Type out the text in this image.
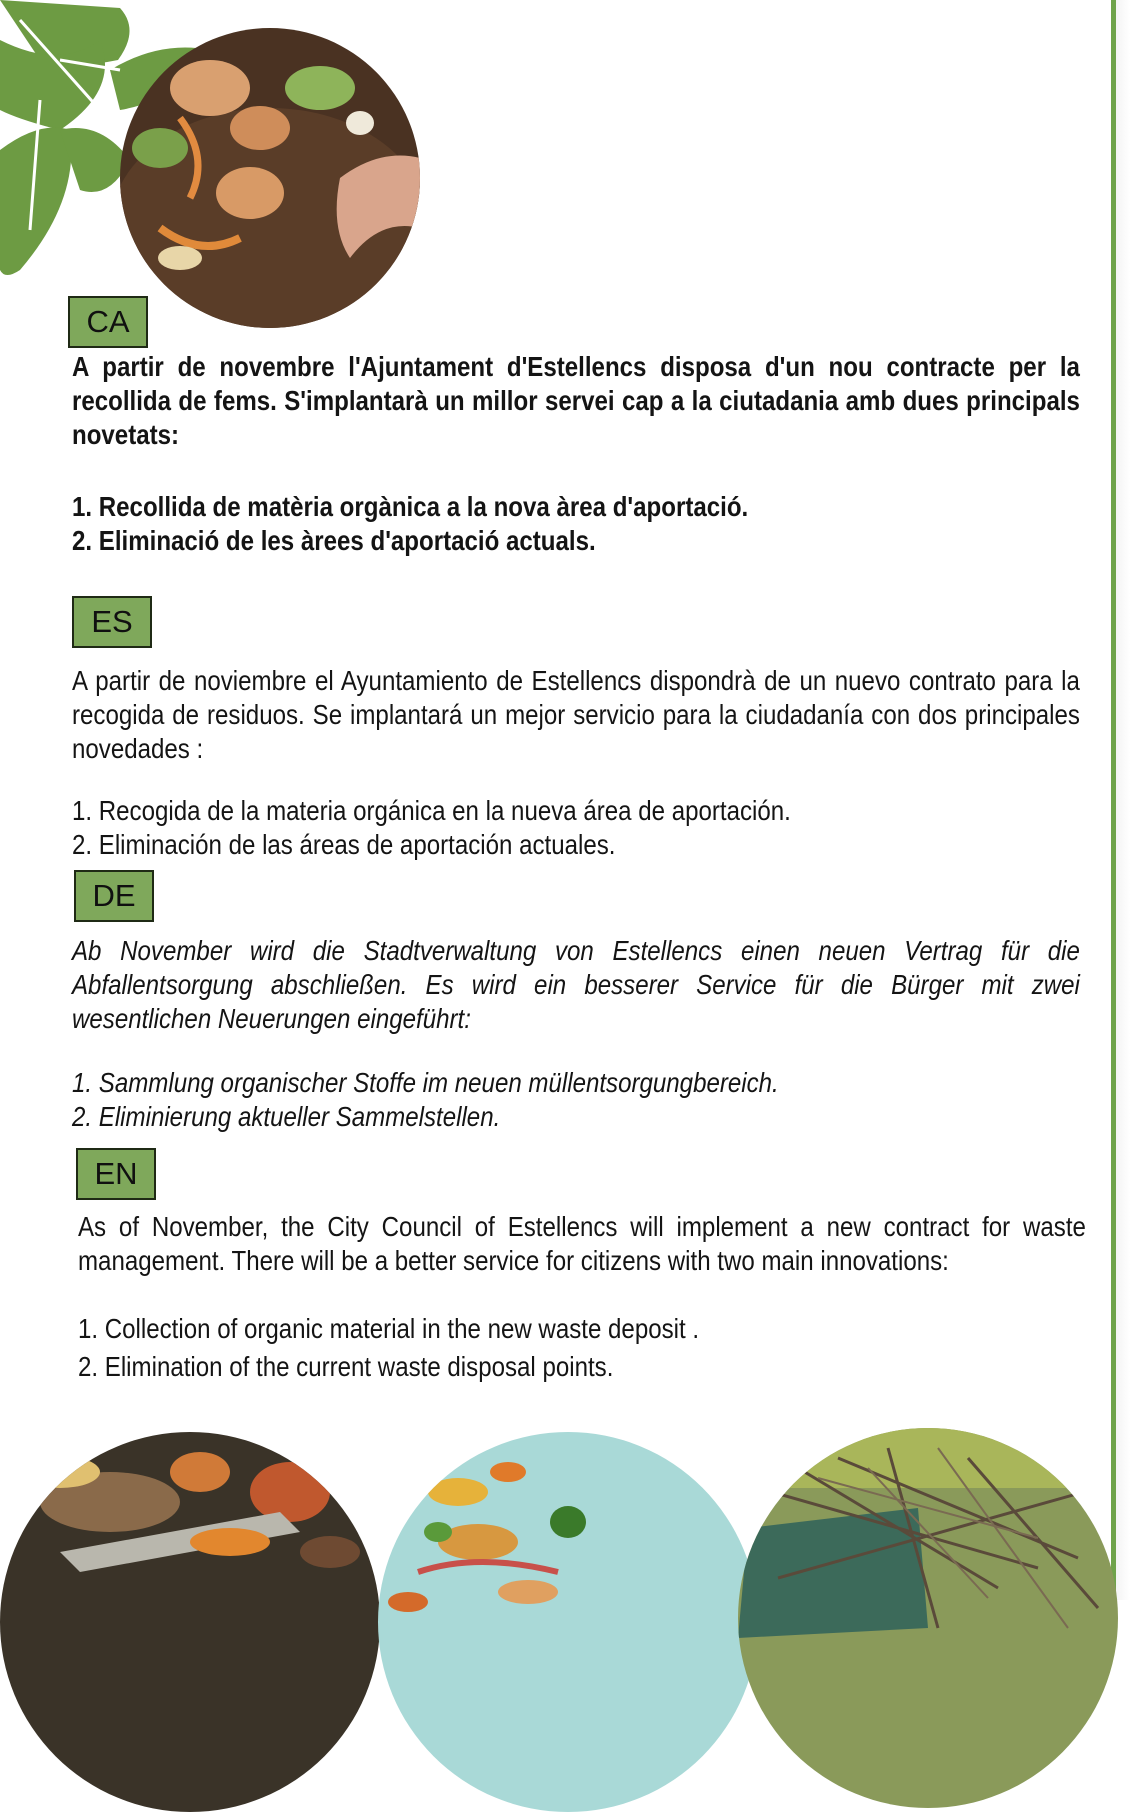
CA

A partir de novembre l'Ajuntament d'Estellencs disposa d'un nou contracte per la recollida de fems. S'implantarà un millor servei cap a la ciutadania amb dues principals novetats:

1. Recollida de matèria orgànica a la nova àrea d'aportació.
2. Eliminació de les àrees d'aportació actuals.
ES

A partir de noviembre el Ayuntamiento de Estellencs dispondrà de un nuevo contrato para la recogida de residuos. Se implantará un mejor servicio para la ciudadanía con dos principales novedades :

1. Recogida de la materia orgánica en la nueva área de aportación.
2. Eliminación de las áreas de aportación actuales.
DE

Ab November wird die Stadtverwaltung von Estellencs einen neuen Vertrag für die Abfallentsorgung abschließen. Es wird ein besserer Service für die Bürger mit zwei wesentlichen Neuerungen eingeführt:

1. Sammlung organischer Stoffe im neuen müllentsorgungbereich.
2. Eliminierung aktueller Sammelstellen.
EN

As of November, the City Council of Estellencs will implement a new contract for waste management. There will be a better service for citizens with two main innovations:

1. Collection of organic material in the new waste deposit .
2. Elimination of the current waste disposal points.
